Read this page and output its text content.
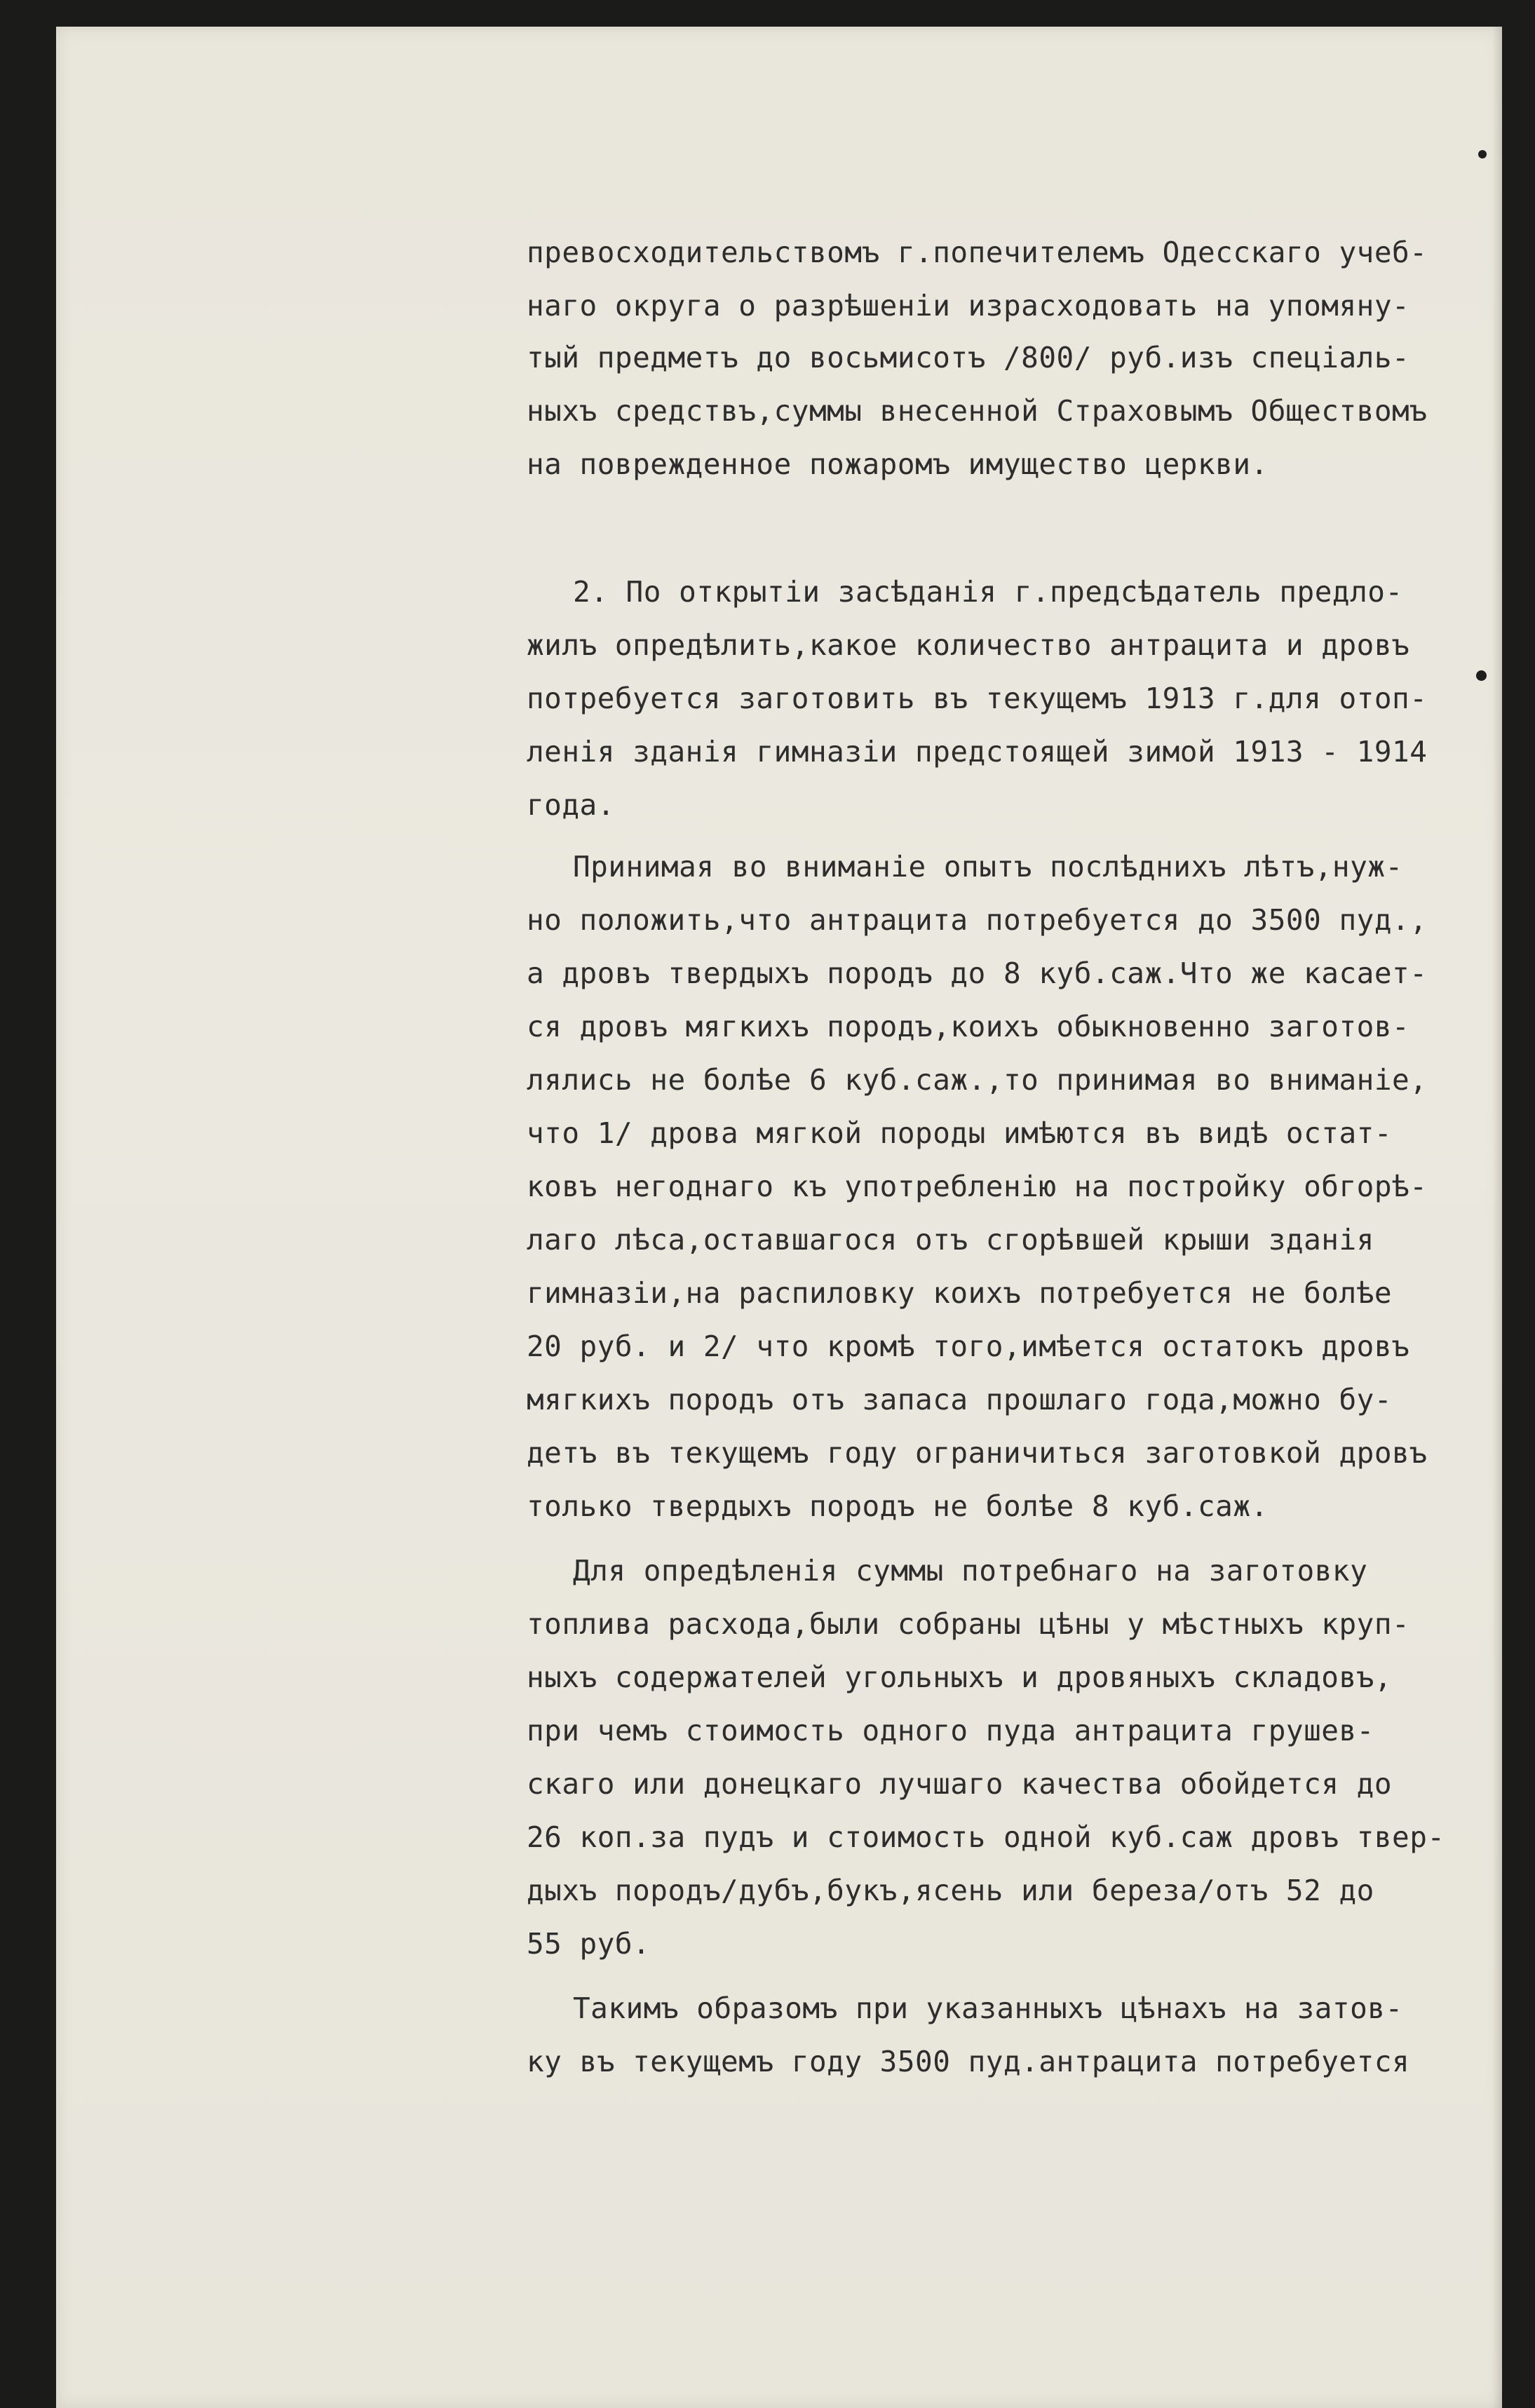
превосходительствомъ г.попечителемъ Одесскаго учеб-
наго округа о разрѣшеніи израсходовать на упомяну-
тый предметъ до восьмисотъ /800/ руб.изъ спеціаль-
ныхъ средствъ,суммы внесенной Страховымъ Обществомъ
на поврежденное пожаромъ имущество церкви.
2. По открытіи засѣданія г.предсѣдатель предло-
жилъ опредѣлить,какое количество антрацита и дровъ
потребуется заготовить въ текущемъ 1913 г.для отоп-
ленія зданія гимназіи предстоящей зимой 1913 - 1914
года.
Принимая во вниманіе опытъ послѣднихъ лѣтъ,нуж-
но положить,что антрацита потребуется до 3500 пуд.,
а дровъ твердыхъ породъ до 8 куб.саж.Что же касает-
ся дровъ мягкихъ породъ,коихъ обыкновенно заготов-
лялись не болѣе 6 куб.саж.,то принимая во вниманіе,
что 1/ дрова мягкой породы имѣются въ видѣ остат-
ковъ негоднаго къ употребленію на постройку обгорѣ-
лаго лѣса,оставшагося отъ сгорѣвшей крыши зданія
гимназіи,на распиловку коихъ потребуется не болѣе
20 руб. и 2/ что кромѣ того,имѣется остатокъ дровъ
мягкихъ породъ отъ запаса прошлаго года,можно бу-
детъ въ текущемъ году ограничиться заготовкой дровъ
только твердыхъ породъ не болѣе 8 куб.саж.
Для опредѣленія суммы потребнаго на заготовку
топлива расхода,были собраны цѣны у мѣстныхъ круп-
ныхъ содержателей угольныхъ и дровяныхъ складовъ,
при чемъ стоимость одного пуда антрацита грушев-
скаго или донецкаго лучшаго качества обойдется до
26 коп.за пудъ и стоимость одной куб.саж дровъ твер-
дыхъ породъ/дубъ,букъ,ясень или береза/отъ 52 до
55 руб.
Такимъ образомъ при указанныхъ цѣнахъ на затов-
ку въ текущемъ году 3500 пуд.антрацита потребуется
